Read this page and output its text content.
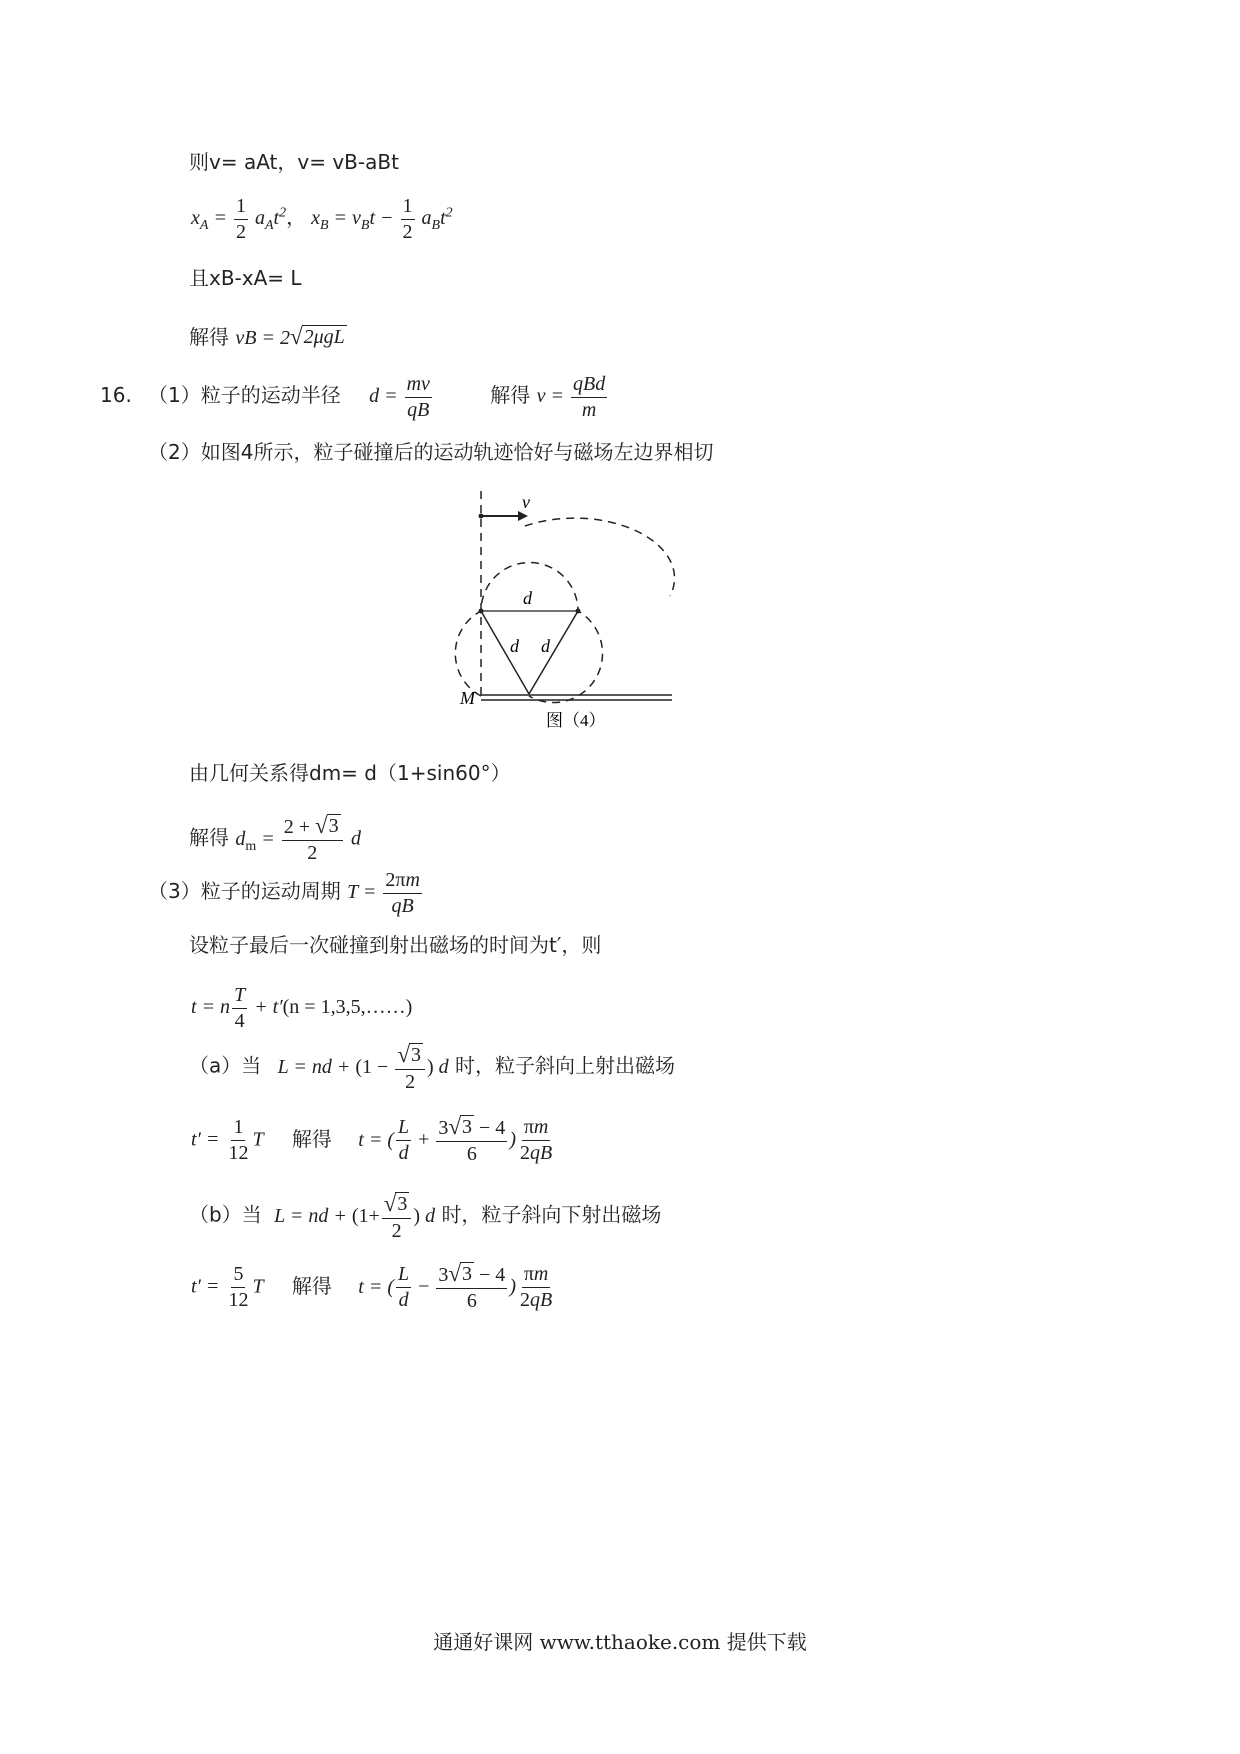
则v= aAt，v= vB-aBt
$x_A = \frac{1}{2} a_At^2$， $x_B = v_Bt - \frac{1}{2} a_Bt^2$
且xB-xA= L
解得 vB = 2 √ 2μgL
16. （1）粒子的运动半径 $d = \frac{mv}{qB}$	解得 $v = \frac{\text{qBd}}{m}$
（2）如图4所示，粒子碰撞后的运动轨迹恰好与磁场左边界相切
v
d
d d
M
图（4）
由几何关系得dm= d（1+sin60°）
解得 $d_m = \frac{2 + √ 3}{2}$ d
（3）粒子的运动周期 $T = \frac{2\pi m}{qB}$
设粒子最后一次碰撞到射出磁场的时间为t′，则
t = n $\frac{T}{4} + t'(n$ = 1,3,5,……)
（a）当 L = nd + ($1 - \frac{√ 3}{2}$ ) d 时，粒子斜向上射出磁场
$t' = \frac{1}{12}$ T 解得 t = ( $\frac{L}{d} + \frac{3 √ 3 - 4}{6}$ ) $\frac{\pi m}{2qB}$
（b）当 L = nd + ($1+ \frac{√ 3}{2}$ ) d 时，粒子斜向下射出磁场
$t' = \frac{5}{12}$ T 解得 t = ( $\frac{L}{d} - \frac{3 √ 3 - 4}{6}$ ) $\frac{\pi m}{2qB}$
通通好课网 www.tthaoke.com 提供下载
